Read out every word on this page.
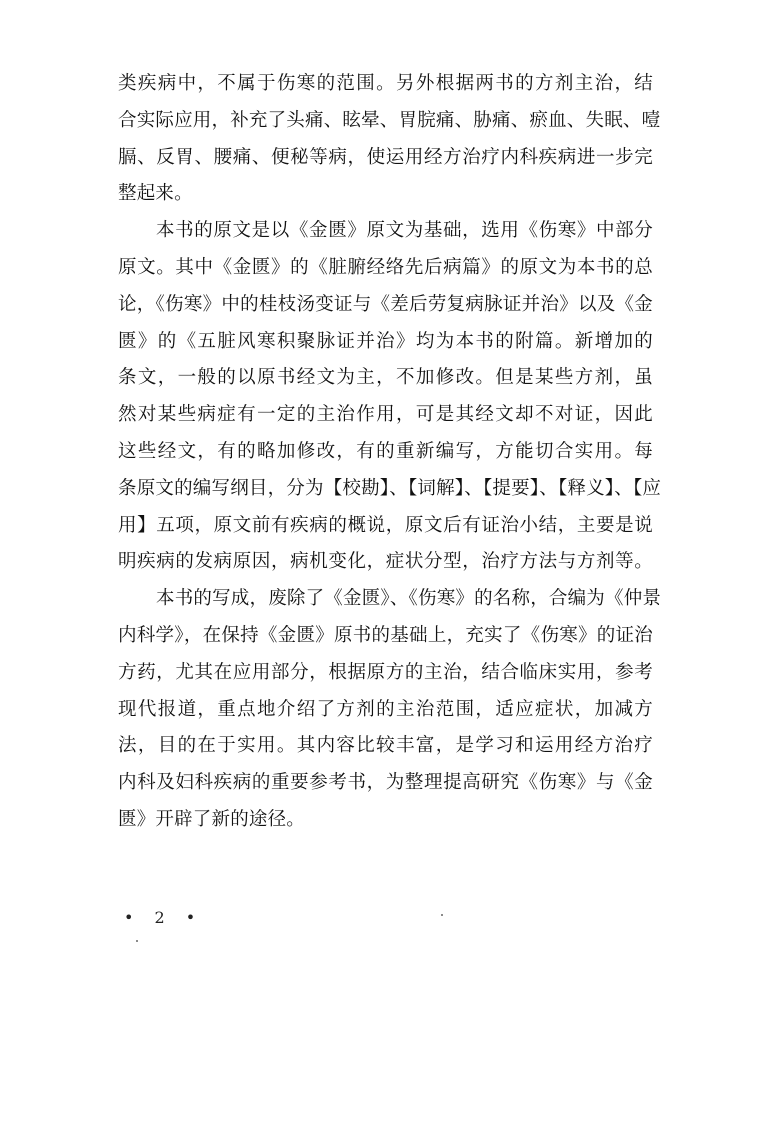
类疾病中，不属于伤寒的范围。另外根据两书的方剂主治，结
合实际应用，补充了头痛、眩晕、胃脘痛、胁痛、瘀血、失眠、噎
膈、反胃、腰痛、便秘等病，使运用经方治疗内科疾病进一步完
整起来。
本书的原文是以《金匮》原文为基础，选用《伤寒》中部分
原文。其中《金匮》的《脏腑经络先后病篇》的原文为本书的总
论，《伤寒》中的桂枝汤变证与《差后劳复病脉证并治》以及《金
匮》的《五脏风寒积聚脉证并治》均为本书的附篇。新增加的
条文，一般的以原书经文为主，不加修改。但是某些方剂，虽
然对某些病症有一定的主治作用，可是其经文却不对证，因此
这些经文，有的略加修改，有的重新编写，方能切合实用。每
条原文的编写纲目，分为【校勘】、【词解】、【提要】、【释义】、【应
用】五项，原文前有疾病的概说，原文后有证治小结，主要是说
明疾病的发病原因，病机变化，症状分型，治疗方法与方剂等。
本书的写成，废除了《金匮》、《伤寒》的名称，合编为《仲景
内科学》，在保持《金匮》原书的基础上，充实了《伤寒》的证治
方药，尤其在应用部分，根据原方的主治，结合临床实用，参考
现代报道，重点地介绍了方剂的主治范围，适应症状，加减方
法，目的在于实用。其内容比较丰富，是学习和运用经方治疗
内科及妇科疾病的重要参考书，为整理提高研究《伤寒》与《金
匮》开辟了新的途径。
• 2 •
